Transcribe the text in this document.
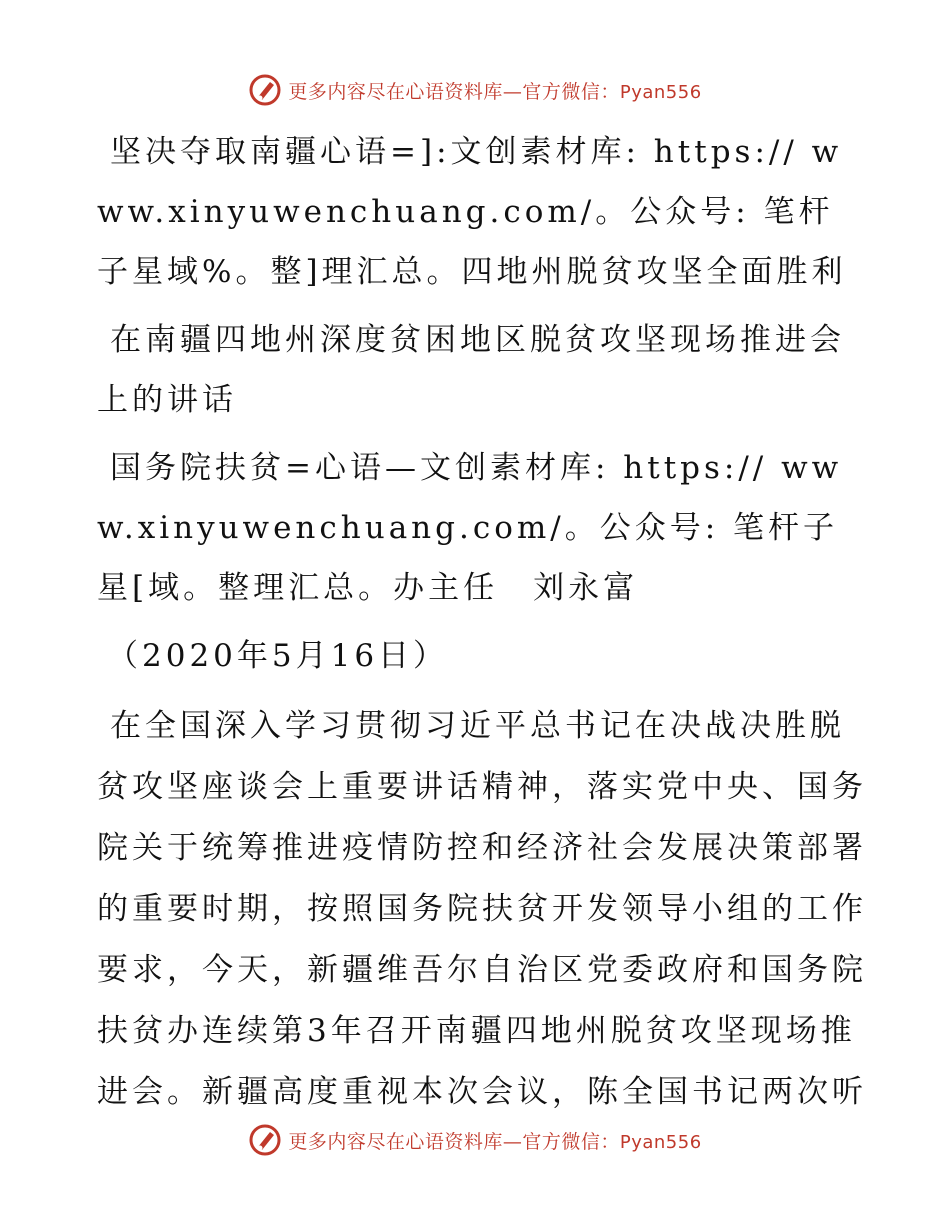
更多内容尽在心语资料库—官方微信：Pyan556

坚决夺取南疆心语=]:文创素材库: https:// www.xinyuwenchuang.com/。公众号: 笔杆子星域%。整]理汇总。四地州脱贫攻坚全面胜利

在南疆四地州深度贫困地区脱贫攻坚现场推进会上的讲话

国务院扶贫=心语—文创素材库: https:// www.xinyuwenchuang.com/。公众号: 笔杆子星[域。整理汇总。办主任　刘永富

（2020年5月16日）

在全国深入学习贯彻习近平总书记在决战决胜脱贫攻坚座谈会上重要讲话精神，落实党中央、国务院关于统筹推进疫情防控和经济社会发展决策部署的重要时期，按照国务院扶贫开发领导小组的工作要求，今天，新疆维吾尔自治区党委政府和国务院扶贫办连续第3年召开南疆四地州脱贫攻坚现场推进会。新疆高度重视本次会议，陈全国书记两次听

更多内容尽在心语资料库—官方微信：Pyan556
